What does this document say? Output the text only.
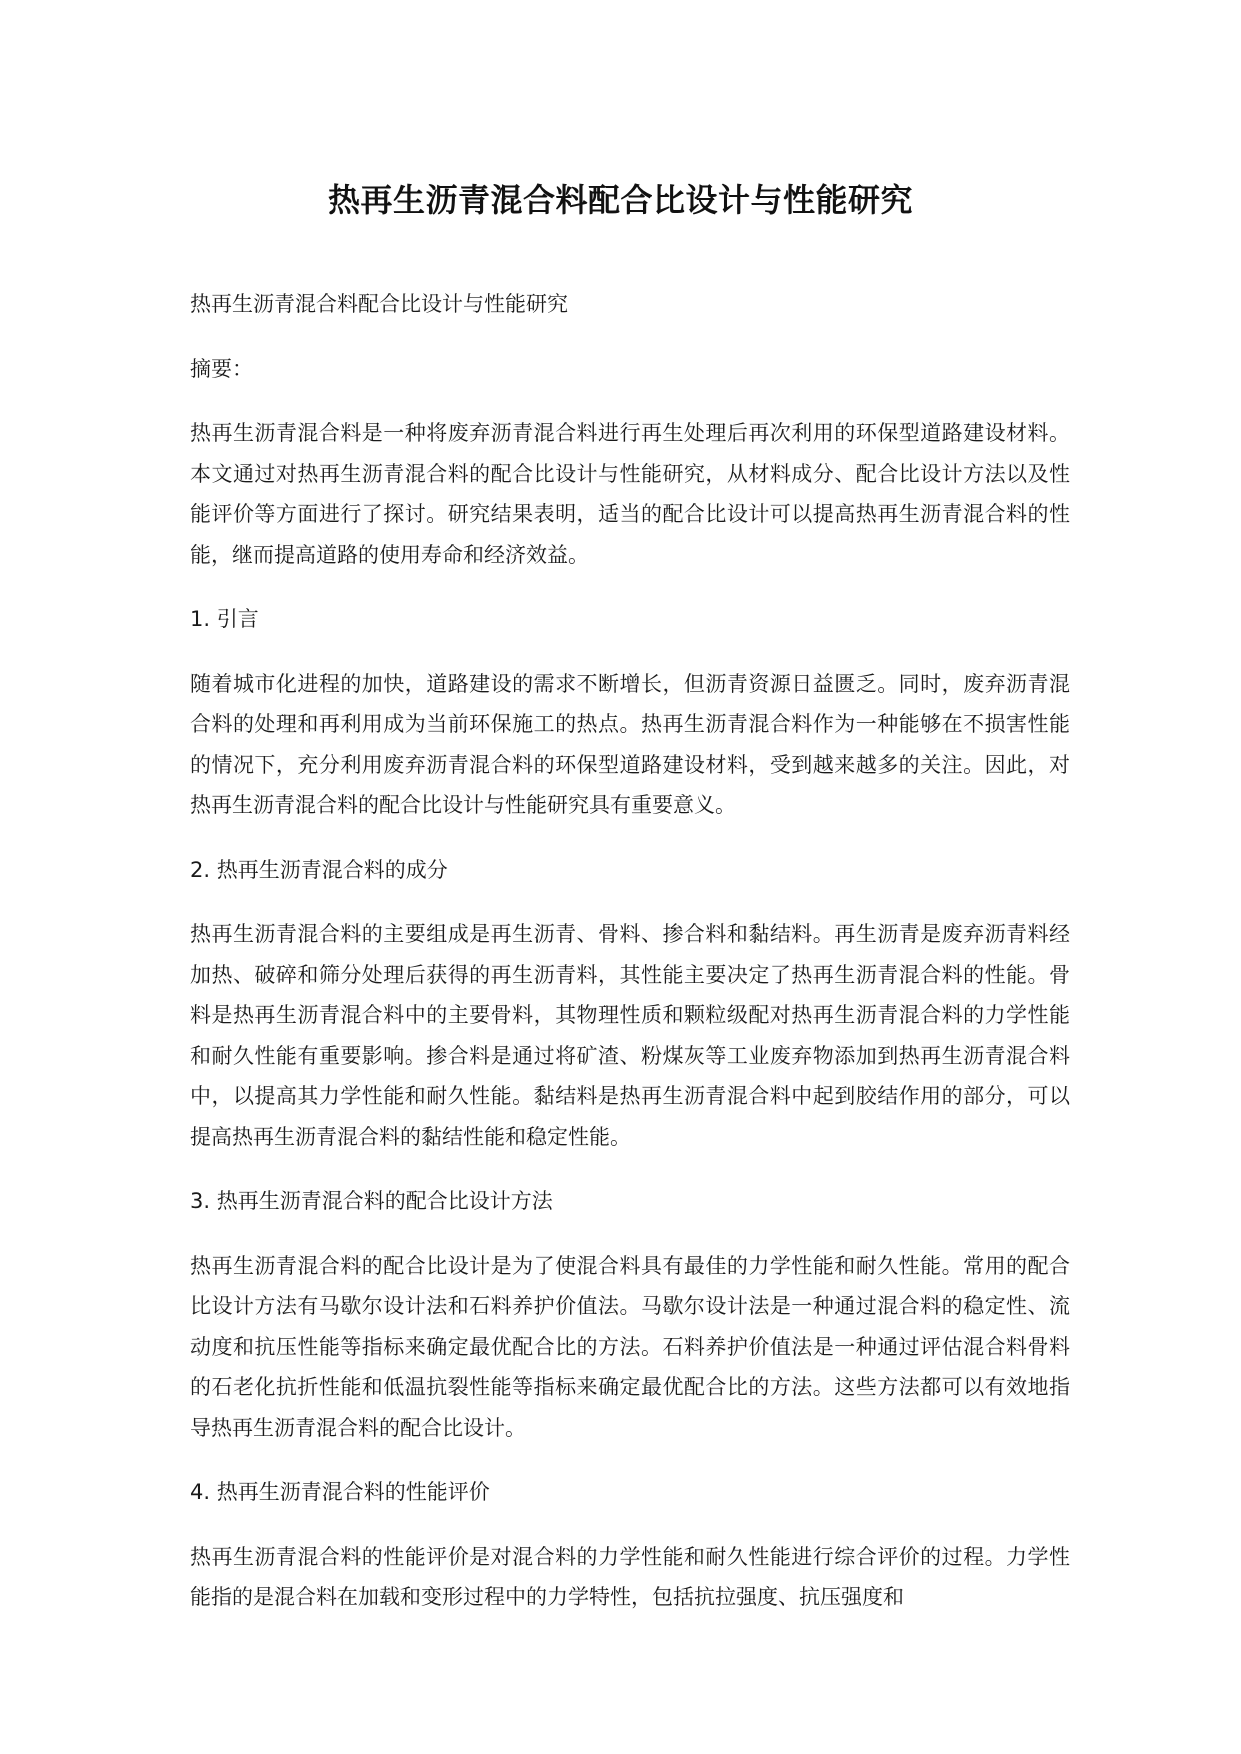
热再生沥青混合料配合比设计与性能研究

热再生沥青混合料配合比设计与性能研究

摘要：

热再生沥青混合料是一种将废弃沥青混合料进行再生处理后再次利用的环保型道路建设材料。本文通过对热再生沥青混合料的配合比设计与性能研究，从材料成分、配合比设计方法以及性能评价等方面进行了探讨。研究结果表明，适当的配合比设计可以提高热再生沥青混合料的性能，继而提高道路的使用寿命和经济效益。

1. 引言

随着城市化进程的加快，道路建设的需求不断增长，但沥青资源日益匮乏。同时，废弃沥青混合料的处理和再利用成为当前环保施工的热点。热再生沥青混合料作为一种能够在不损害性能的情况下，充分利用废弃沥青混合料的环保型道路建设材料，受到越来越多的关注。因此，对热再生沥青混合料的配合比设计与性能研究具有重要意义。

2. 热再生沥青混合料的成分

热再生沥青混合料的主要组成是再生沥青、骨料、掺合料和黏结料。再生沥青是废弃沥青料经加热、破碎和筛分处理后获得的再生沥青料，其性能主要决定了热再生沥青混合料的性能。骨料是热再生沥青混合料中的主要骨料，其物理性质和颗粒级配对热再生沥青混合料的力学性能和耐久性能有重要影响。掺合料是通过将矿渣、粉煤灰等工业废弃物添加到热再生沥青混合料中，以提高其力学性能和耐久性能。黏结料是热再生沥青混合料中起到胶结作用的部分，可以提高热再生沥青混合料的黏结性能和稳定性能。

3. 热再生沥青混合料的配合比设计方法

热再生沥青混合料的配合比设计是为了使混合料具有最佳的力学性能和耐久性能。常用的配合比设计方法有马歇尔设计法和石料养护价值法。马歇尔设计法是一种通过混合料的稳定性、流动度和抗压性能等指标来确定最优配合比的方法。石料养护价值法是一种通过评估混合料骨料的石老化抗折性能和低温抗裂性能等指标来确定最优配合比的方法。这些方法都可以有效地指导热再生沥青混合料的配合比设计。

4. 热再生沥青混合料的性能评价

热再生沥青混合料的性能评价是对混合料的力学性能和耐久性能进行综合评价的过程。力学性能指的是混合料在加载和变形过程中的力学特性，包括抗拉强度、抗压强度和
